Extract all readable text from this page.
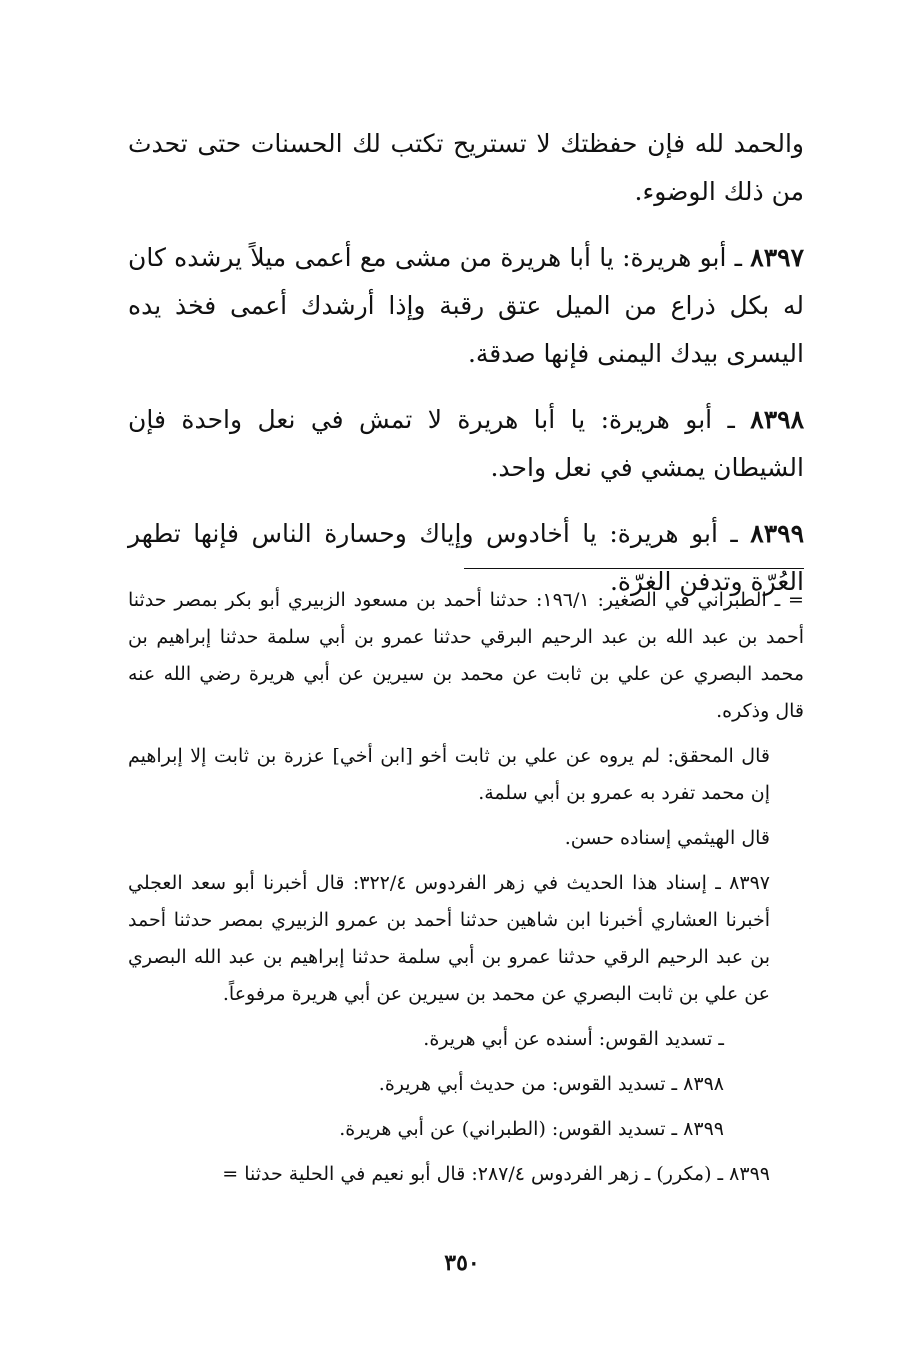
والحمد لله فإن حفظتك لا تستريح تكتب لك الحسنات حتى تحدث من ذلك الوضوء.

٨٣٩٧ ـ أبو هريرة: يا أبا هريرة من مشى مع أعمى ميلاً يرشده كان له بكل ذراع من الميل عتق رقبة وإذا أرشدك أعمى فخذ يده اليسرى بيدك اليمنى فإنها صدقة.

٨٣٩٨ ـ أبو هريرة: يا أبا هريرة لا تمش في نعل واحدة فإن الشيطان يمشي في نعل واحد.

٨٣٩٩ ـ أبو هريرة: يا أخادوس وإياك وحسارة الناس فإنها تطهر العُرّة وتدفن الغرّة.

= ـ الطبراني في الصغير: ١٩٦/١: حدثنا أحمد بن مسعود الزبيري أبو بكر بمصر حدثنا أحمد بن عبد الله بن عبد الرحيم البرقي حدثنا عمرو بن أبي سلمة حدثنا إبراهيم بن محمد البصري عن علي بن ثابت عن محمد بن سيرين عن أبي هريرة رضي الله عنه قال وذكره.

قال المحقق: لم يروه عن علي بن ثابت أخو [ابن أخي] عزرة بن ثابت إلا إبراهيم إن محمد تفرد به عمرو بن أبي سلمة.

قال الهيثمي إسناده حسن.

٨٣٩٧ ـ إسناد هذا الحديث في زهر الفردوس ٣٢٢/٤: قال أخبرنا أبو سعد العجلي أخبرنا العشاري أخبرنا ابن شاهين حدثنا أحمد بن عمرو الزبيري بمصر حدثنا أحمد بن عبد الرحيم الرقي حدثنا عمرو بن أبي سلمة حدثنا إبراهيم بن عبد الله البصري عن علي بن ثابت البصري عن محمد بن سيرين عن أبي هريرة مرفوعاً.

ـ تسديد القوس: أسنده عن أبي هريرة.

٨٣٩٨ ـ تسديد القوس: من حديث أبي هريرة.

٨٣٩٩ ـ تسديد القوس: (الطبراني) عن أبي هريرة.

٨٣٩٩ ـ (مكرر) ـ زهر الفردوس ٢٨٧/٤: قال أبو نعيم في الحلية حدثنا =

٣٥٠
